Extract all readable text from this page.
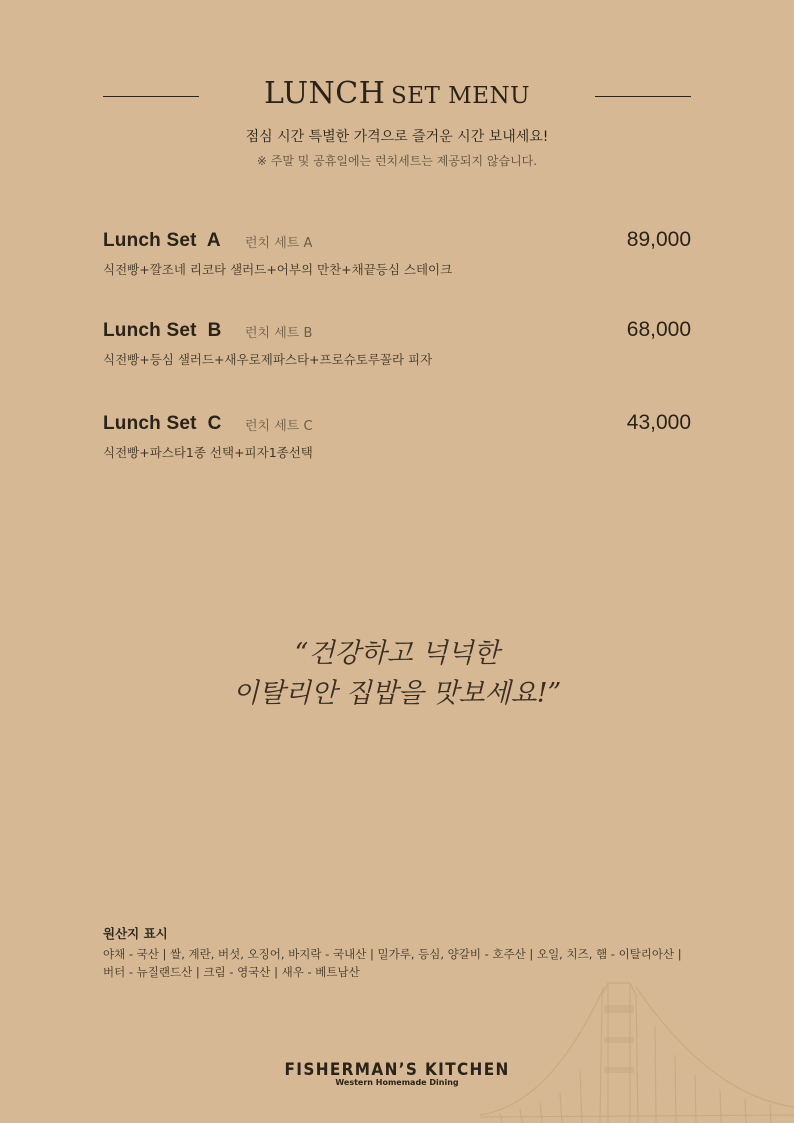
LUNCH SET MENU
점심 시간 특별한 가격으로 즐거운 시간 보내세요!
※ 주말 및 공휴일에는 런치세트는 제공되지 않습니다.
Lunch Set  A 런치 세트 A	89,000
식전빵+깔조네 리코타 샐러드+어부의 만찬+채끝등심 스테이크
Lunch Set  B 런치 세트 B	68,000
식전빵+등심 샐러드+새우로제파스타+프로슈토루꼴라 피자
Lunch Set  C 런치 세트 C	43,000
식전빵+파스타1종 선택+피자1종선택
“건강하고 넉넉한
이탈리안 집밥을 맛보세요!”
원산지 표시
야채 - 국산 | 쌀, 계란, 버섯, 오징어, 바지락 - 국내산 | 밀가루, 등심, 양갈비 - 호주산 | 오일, 치즈, 햄 - 이탈리아산 |
버터 - 뉴질랜드산 | 크림 - 영국산 | 새우 - 베트남산
FISHERMAN’S KITCHEN
Western Homemade Dining
